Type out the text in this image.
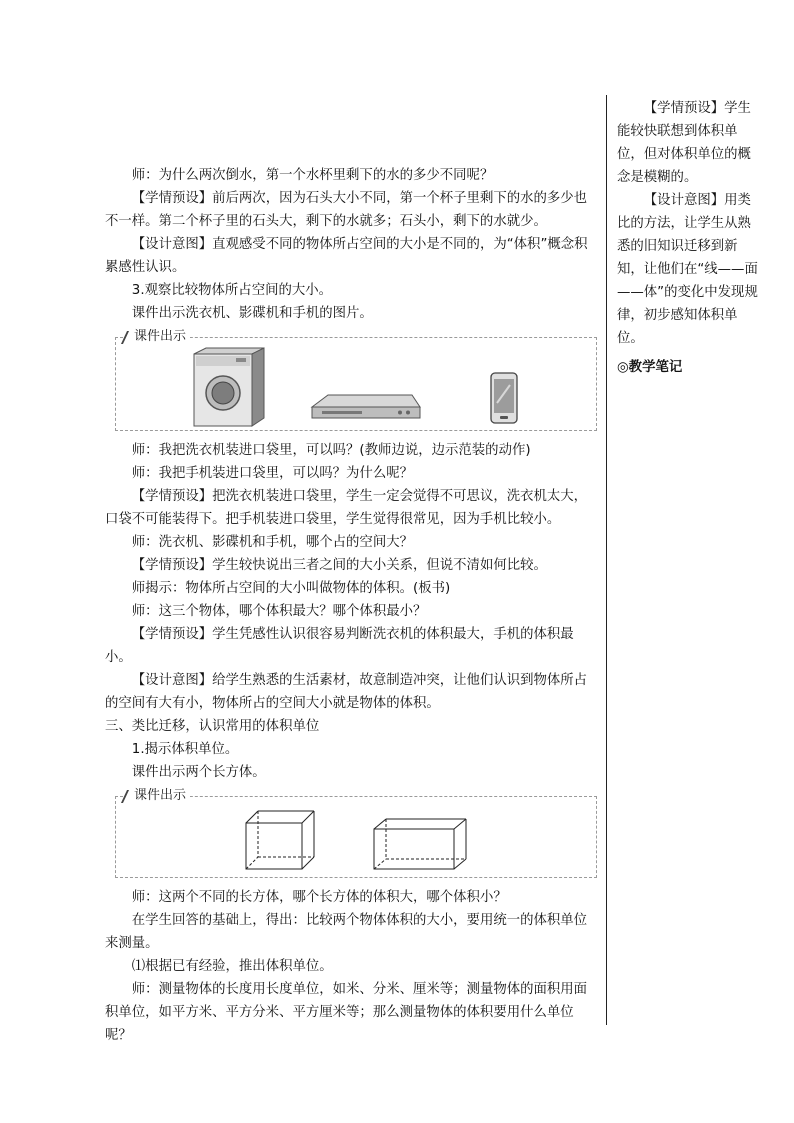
师：为什么两次倒水，第一个水杯里剩下的水的多少不同呢？

【学情预设】前后两次，因为石头大小不同，第一个杯子里剩下的水的多少也不一样。第二个杯子里的石头大，剩下的水就多；石头小，剩下的水就少。

【设计意图】直观感受不同的物体所占空间的大小是不同的，为“体积”概念积累感性认识。

3.观察比较物体所占空间的大小。

课件出示洗衣机、影碟机和手机的图片。

课件出示

师：我把洗衣机装进口袋里，可以吗？(教师边说，边示范装的动作)

师：我把手机装进口袋里，可以吗？为什么呢？

【学情预设】把洗衣机装进口袋里，学生一定会觉得不可思议，洗衣机太大，口袋不可能装得下。把手机装进口袋里，学生觉得很常见，因为手机比较小。

师：洗衣机、影碟机和手机，哪个占的空间大？

【学情预设】学生较快说出三者之间的大小关系，但说不清如何比较。

师揭示：物体所占空间的大小叫做物体的体积。(板书)

师：这三个物体，哪个体积最大？哪个体积最小？

【学情预设】学生凭感性认识很容易判断洗衣机的体积最大，手机的体积最小。

【设计意图】给学生熟悉的生活素材，故意制造冲突，让他们认识到物体所占的空间有大有小，物体所占的空间大小就是物体的体积。

三、类比迁移，认识常用的体积单位

1.揭示体积单位。

课件出示两个长方体。

课件出示

师：这两个不同的长方体，哪个长方体的体积大，哪个体积小？

在学生回答的基础上，得出：比较两个物体体积的大小，要用统一的体积单位来测量。

⑴根据已有经验，推出体积单位。

师：测量物体的长度用长度单位，如米、分米、厘米等；测量物体的面积用面积单位，如平方米、平方分米、平方厘米等；那么测量物体的体积要用什么单位呢？

【学情预设】学生能较快联想到体积单位，但对体积单位的概念是模糊的。

【设计意图】用类比的方法，让学生从熟悉的旧知识迁移到新知，让他们在“线——面——体”的变化中发现规律，初步感知体积单位。

◎教学笔记
